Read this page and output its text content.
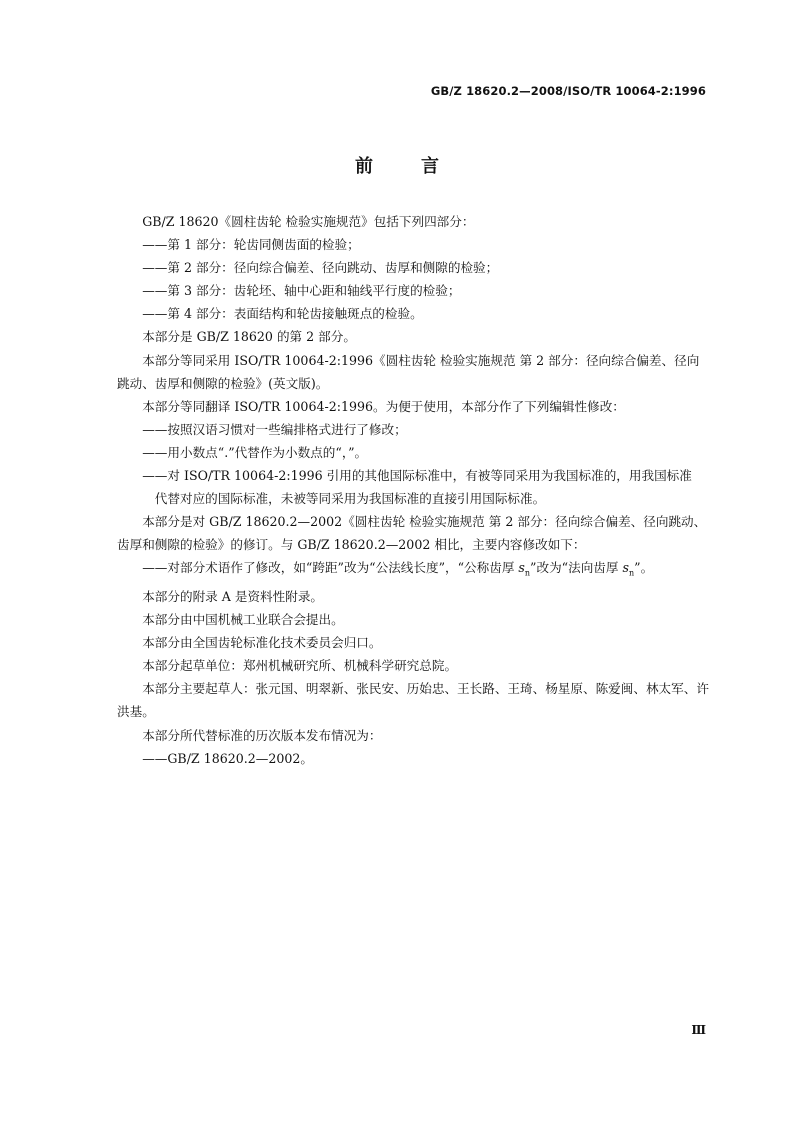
GB/Z 18620.2—2008/ISO/TR 10064-2:1996
前	言

GB/Z 18620《圆柱齿轮 检验实施规范》包括下列四部分：

——第 1 部分：轮齿同侧齿面的检验；

——第 2 部分：径向综合偏差、径向跳动、齿厚和侧隙的检验；

——第 3 部分：齿轮坯、轴中心距和轴线平行度的检验；

——第 4 部分：表面结构和轮齿接触斑点的检验。

本部分是 GB/Z 18620 的第 2 部分。

本部分等同采用 ISO/TR 10064-2:1996《圆柱齿轮 检验实施规范 第 2 部分：径向综合偏差、径向跳动、齿厚和侧隙的检验》(英文版)。

本部分等同翻译 ISO/TR 10064-2:1996。为便于使用，本部分作了下列编辑性修改：

——按照汉语习惯对一些编排格式进行了修改；

——用小数点“.”代替作为小数点的“，”。

——对 ISO/TR 10064-2:1996 引用的其他国际标准中，有被等同采用为我国标准的，用我国标准

代替对应的国际标准，未被等同采用为我国标准的直接引用国际标准。

本部分是对 GB/Z 18620.2—2002《圆柱齿轮 检验实施规范 第 2 部分：径向综合偏差、径向跳动、齿厚和侧隙的检验》的修订。与 GB/Z 18620.2—2002 相比，主要内容修改如下：

——对部分术语作了修改，如“跨距”改为“公法线长度”，“公称齿厚 $s_n$”改为“法向齿厚 $s_n$”。

本部分的附录 A 是资料性附录。

本部分由中国机械工业联合会提出。

本部分由全国齿轮标准化技术委员会归口。

本部分起草单位：郑州机械研究所、机械科学研究总院。

本部分主要起草人：张元国、明翠新、张民安、历始忠、王长路、王琦、杨星原、陈爱闽、林太军、许洪基。

本部分所代替标准的历次版本发布情况为：

——GB/Z 18620.2—2002。

Ⅲ
